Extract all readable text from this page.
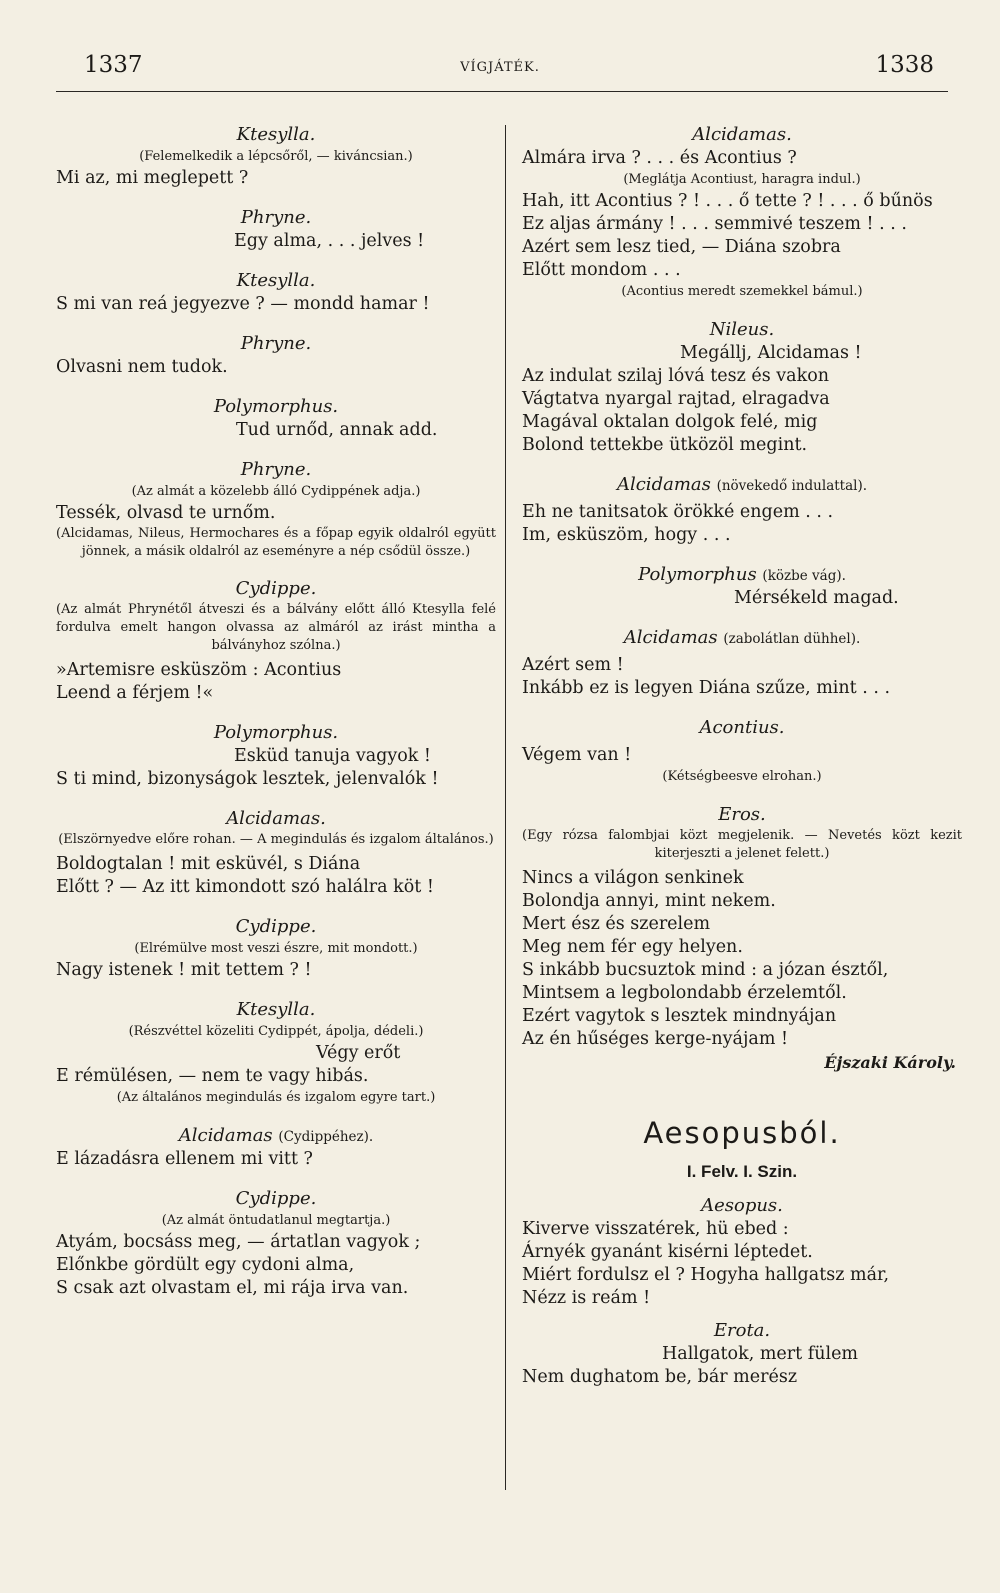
1337	VÍGJÁTÉK.	1338
Ktesylla.
(Felemelkedik a lépcsőről, — kiváncsian.)
Mi az, mi meglepett ?
Phryne.
Egy alma, . . . jelves !
Ktesylla.
S mi van reá jegyezve ? — mondd hamar !
Phryne.
Olvasni nem tudok.
Polymorphus.
Tud urnőd, annak add.
Phryne.
(Az almát a közelebb álló Cydippének adja.)
Tessék, olvasd te urnőm.
(Alcidamas, Nileus, Hermochares és a főpap egyik oldalról együtt jönnek, a másik oldalról az eseményre a nép csődül össze.)
Cydippe.
(Az almát Phrynétől átveszi és a bálvány előtt álló Ktesylla felé fordulva emelt hangon olvassa az almáról az irást mintha a bálványhoz szólna.)
»Artemisre esküszöm : Acontius
Leend a férjem !«
Polymorphus.
Esküd tanuja vagyok !
S ti mind, bizonyságok lesztek, jelenvalók !
Alcidamas.
(Elszörnyedve előre rohan. — A megindulás és izgalom általános.)
Boldogtalan ! mit esküvél, s Diána
Előtt ? — Az itt kimondott szó halálra köt !
Cydippe.
(Elrémülve most veszi észre, mit mondott.)
Nagy istenek ! mit tettem ? !
Ktesylla.
(Részvéttel közeliti Cydippét, ápolja, dédeli.)
Végy erőt
E rémülésen, — nem te vagy hibás.
(Az általános megindulás és izgalom egyre tart.)
Alcidamas (Cydippéhez).
E lázadásra ellenem mi vitt ?
Cydippe.
(Az almát öntudatlanul megtartja.)
Atyám, bocsáss meg, — ártatlan vagyok ;
Előnkbe gördült egy cydoni alma,
S csak azt olvastam el, mi rája irva van.
Alcidamas.
Almára irva ? . . . és Acontius ?
(Meglátja Acontiust, haragra indul.)
Hah, itt Acontius ? ! . . . ő tette ? ! . . . ő bűnös
Ez aljas ármány ! . . . semmivé teszem ! . . .
Azért sem lesz tied, — Diána szobra
Előtt mondom . . .
(Acontius meredt szemekkel bámul.)
Nileus.
Megállj, Alcidamas !
Az indulat szilaj lóvá tesz és vakon
Vágtatva nyargal rajtad, elragadva
Magával oktalan dolgok felé, mig
Bolond tettekbe ütközöl megint.
Alcidamas (növekedő indulattal).
Eh ne tanitsatok örökké engem . . .
Im, esküszöm, hogy . . .
Polymorphus (közbe vág).
Mérsékeld magad.
Alcidamas (zabolátlan dühhel).
Azért sem !
Inkább ez is legyen Diána szűze, mint . . .
Acontius.
Végem van !
(Kétségbeesve elrohan.)
Eros.
(Egy rózsa falombjai közt megjelenik. — Nevetés közt kezit kiterjeszti a jelenet felett.)
Nincs a világon senkinek
Bolondja annyi, mint nekem.
Mert ész és szerelem
Meg nem fér egy helyen.
S inkább bucsuztok mind : a józan észtől,
Mintsem a legbolondabb érzelemtől.
Ezért vagytok s lesztek mindnyájan
Az én hűséges kerge-nyájam !
Éjszaki Károly.
Aesopusból.
I. Felv. I. Szin.
Aesopus.
Kiverve visszatérek, hü ebed :
Árnyék gyanánt kisérni léptedet.
Miért fordulsz el ? Hogyha hallgatsz már,
Nézz is reám !
Erota.
Hallgatok, mert fülem
Nem dughatom be, bár merész
